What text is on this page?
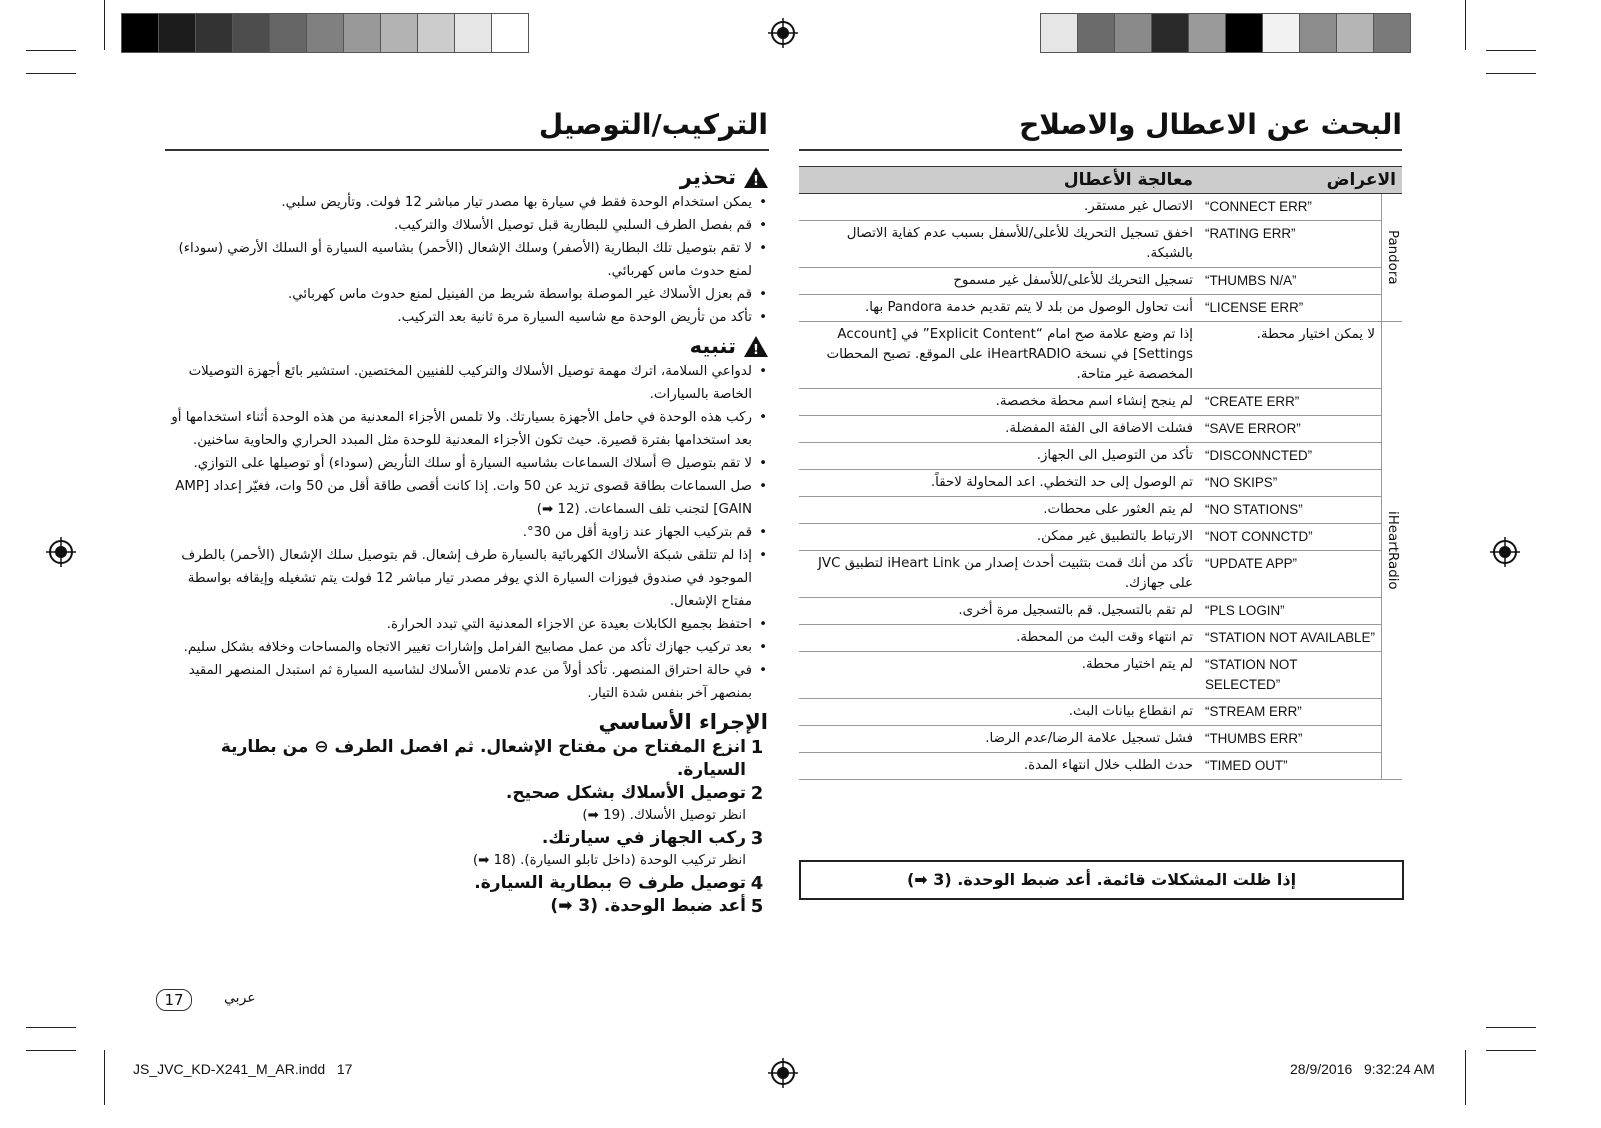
التركيب/التوصيل	البحث عن الاعطال والاصلاح
!
تحذير
• يمكن استخدام الوحدة فقط في سيارة بها مصدر تيار مباشر 12 فولت. وتأريض سلبي.
• قم بفصل الطرف السلبي للبطارية قبل توصيل الأسلاك والتركيب.
• لا تقم بتوصيل تلك البطارية (الأصفر) وسلك الإشعال (الأحمر) بشاسيه السيارة أو السلك الأرضي (سوداء) لمنع حدوث ماس كهربائي.
• قم بعزل الأسلاك غير الموصلة بواسطة شريط من الفينيل لمنع حدوث ماس كهربائي.
• تأكد من تأريض الوحدة مع شاسيه السيارة مرة ثانية بعد التركيب.
!
تنبيه
• لدواعي السلامة، اترك مهمة توصيل الأسلاك والتركيب للفنيين المختصين. استشير بائع أجهزة التوصيلات الخاصة بالسيارات.
• ركب هذه الوحدة في حامل الأجهزة بسيارتك. ولا تلمس الأجزاء المعدنية من هذه الوحدة أثناء استخدامها أو بعد استخدامها بفترة قصيرة. حيث تكون الأجزاء المعدنية للوحدة مثل المبدد الحراري والحاوية ساخنين.
• لا تقم بتوصيل ⊖ أسلاك السماعات بشاسيه السيارة أو سلك التأريض (سوداء) أو توصيلها على التوازي.
• صل السماعات بطاقة قصوى تزيد عن 50 وات. إذا كانت أقصى طاقة أقل من 50 وات، فغيّر إعداد [AMP GAIN] لتجنب تلف السماعات. (12 ➡)
• قم بتركيب الجهاز عند زاوية أقل من 30°.
• إذا لم تتلقى شبكة الأسلاك الكهربائية بالسيارة طرف إشعال. قم بتوصيل سلك الإشعال (الأحمر) بالطرف الموجود في صندوق فيوزات السيارة الذي يوفر مصدر تيار مباشر 12 فولت يتم تشغيله وإيقافه بواسطة مفتاح الإشعال.
• احتفظ بجميع الكابلات بعيدة عن الاجزاء المعدنية التي تبدد الحرارة.
• بعد تركيب جهازك تأكد من عمل مصابيح الفرامل وإشارات تغيير الاتجاه والمساحات وخلافه بشكل سليم.
• في حالة احتراق المنصهر. تأكد أولاً من عدم تلامس الأسلاك لشاسيه السيارة ثم استبدل المنصهر المقيد بمنصهر آخر بنفس شدة التيار.
الإجراء الأساسي
1
انزع المفتاح من مفتاح الإشعال. ثم افصل الطرف ⊖ من بطارية السيارة.
2
توصيل الأسلاك بشكل صحيح.
انظر توصيل الأسلاك. (19 ➡)
3
ركب الجهاز في سيارتك.
انظر تركيب الوحدة (داخل تابلو السيارة). (18 ➡)
4
توصيل طرف ⊖ ببطارية السيارة.
5
أعد ضبط الوحدة. (3 ➡)
معالجة الأعطال	الاعراض	
الاتصال غير مستقر.	“CONNECT ERR”	Pandora
اخفق تسجيل التحريك للأعلى/للأسفل بسبب عدم كفاية الاتصال بالشبكة.	“RATING ERR”	
تسجيل التحريك للأعلى/للأسفل غير مسموح	“THUMBS N/A”	
أنت تحاول الوصول من بلد لا يتم تقديم خدمة Pandora بها.	“LICENSE ERR”	
إذا تم وضع علامة صح امام “Explicit Content” في [Account Settings] في نسخة iHeartRADIO على الموقع. تصبح المحطات المخصصة غير متاحة.	لا يمكن اختيار محطة.	iHeartRadio
لم ينجح إنشاء اسم محطة مخصصة.	“CREATE ERR”	
فشلت الاضافة الى الفئة المفضلة.	“SAVE ERROR”	
تأكد من التوصيل الى الجهاز.	“DISCONNCTED”	
تم الوصول إلى حد التخطي. اعد المحاولة لاحقاً.	“NO SKIPS”	
لم يتم العثور على محطات.	“NO STATIONS”	
الارتباط بالتطبيق غير ممكن.	“NOT CONNCTD”	
تأكد من أنك قمت بتثبيت أحدث إصدار من iHeart Link لتطبيق JVC على جهازك.	“UPDATE APP”	
لم تقم بالتسجيل. قم بالتسجيل مرة أخرى.	“PLS LOGIN”	
تم انتهاء وقت البث من المحطة.	“STATION NOT AVAILABLE”	
لم يتم اختيار محطة.	“STATION NOT SELECTED”	
تم انقطاع بيانات البث.	“STREAM ERR”	
فشل تسجيل علامة الرضا/عدم الرضا.	“THUMBS ERR”	
حدث الطلب خلال انتهاء المدة.	“TIMED OUT”	
إذا ظلت المشكلات قائمة. أعد ضبط الوحدة. (3 ➡)
17	عربي
JS_JVC_KD-X241_M_AR.indd   17	28/9/2016   9:32:24 AM
